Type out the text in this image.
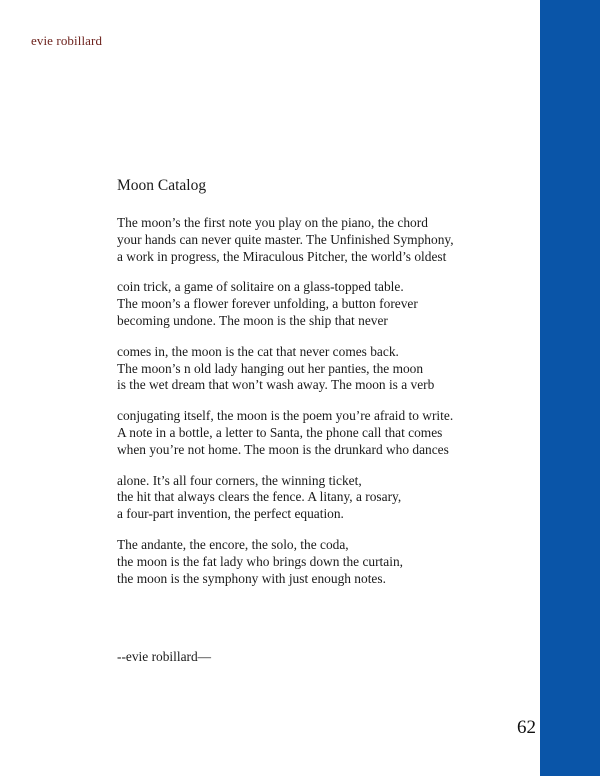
evie robillard
Moon Catalog
The moon’s the first note you play on the piano, the chord
your hands can never quite master. The Unfinished Symphony,
a work in progress, the Miraculous Pitcher, the world’s oldest
coin trick, a game of solitaire on a glass-topped table.
The moon’s a flower forever unfolding, a button forever
becoming undone. The moon is the ship that never
comes in, the moon is the cat that never comes back.
The moon’s n old lady hanging out her panties, the moon
is the wet dream that won’t wash away. The moon is a verb
conjugating itself, the moon is the poem you’re afraid to write.
A note in a bottle, a letter to Santa, the phone call that comes
when you’re not home. The moon is the drunkard who dances
alone. It’s all four corners, the winning ticket,
the hit that always clears the fence. A litany, a rosary,
a four-part invention, the perfect equation.
The andante, the encore, the solo, the coda,
the moon is the fat lady who brings down the curtain,
the moon is the symphony with just enough notes.
--evie robillard—
62
